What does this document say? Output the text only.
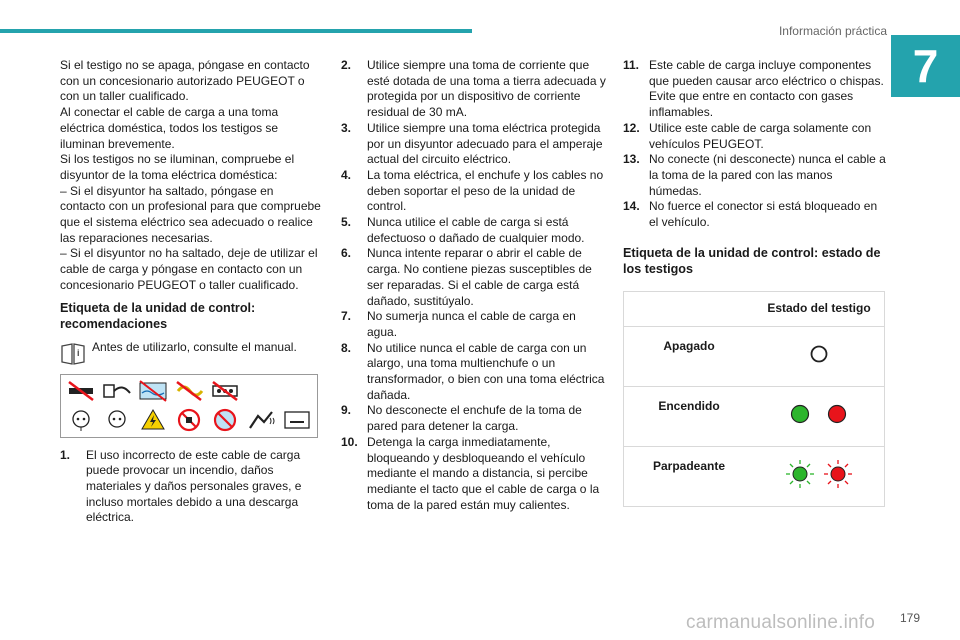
Información práctica
7

Si el testigo no se apaga, póngase en contacto con un concesionario autorizado PEUGEOT o con un taller cualificado.

Al conectar el cable de carga a una toma eléctrica doméstica, todos los testigos se iluminan brevemente.

Si los testigos no se iluminan, compruebe el disyuntor de la toma eléctrica doméstica:

– Si el disyuntor ha saltado, póngase en contacto con un profesional para que compruebe que el sistema eléctrico sea adecuado o realice las reparaciones necesarias.

– Si el disyuntor no ha saltado, deje de utilizar el cable de carga y póngase en contacto con un concesionario PEUGEOT o taller cualificado.

Etiqueta de la unidad de control: recomendaciones
i Antes de utilizarlo, consulte el manual.
1.	El uso incorrecto de este cable de carga puede provocar un incendio, daños materiales y daños personales graves, e incluso mortales debido a una descarga eléctrica.
2.	Utilice siempre una toma de corriente que esté dotada de una toma a tierra adecuada y protegida por un dispositivo de corriente residual de 30 mA.
3.	Utilice siempre una toma eléctrica protegida por un disyuntor adecuado para el amperaje actual del circuito eléctrico.
4.	La toma eléctrica, el enchufe y los cables no deben soportar el peso de la unidad de control.
5.	Nunca utilice el cable de carga si está defectuoso o dañado de cualquier modo.
6.	Nunca intente reparar o abrir el cable de carga. No contiene piezas susceptibles de ser reparadas. Si el cable de carga está dañado, sustitúyalo.
7.	No sumerja nunca el cable de carga en agua.
8.	No utilice nunca el cable de carga con un alargo, una toma multienchufe o un transformador, o bien con una toma eléctrica dañada.
9.	No desconecte el enchufe de la toma de pared para detener la carga.
10. Detenga la carga inmediatamente, bloqueando y desbloqueando el vehículo mediante el mando a distancia, si percibe mediante el tacto que el cable de carga o la toma de la pared están muy calientes.
11. Este cable de carga incluye componentes que pueden causar arco eléctrico o chispas. Evite que entre en contacto con gases inflamables.
12. Utilice este cable de carga solamente con vehículos PEUGEOT.
13. No conecte (ni desconecte) nunca el cable a la toma de la pared con las manos húmedas.
14. No fuerce el conector si está bloqueado en el vehículo.
Etiqueta de la unidad de control: estado de los testigos
	Estado del testigo
Apagado	
Encendido	
Parpadeante	
carmanualsonline.info 179
